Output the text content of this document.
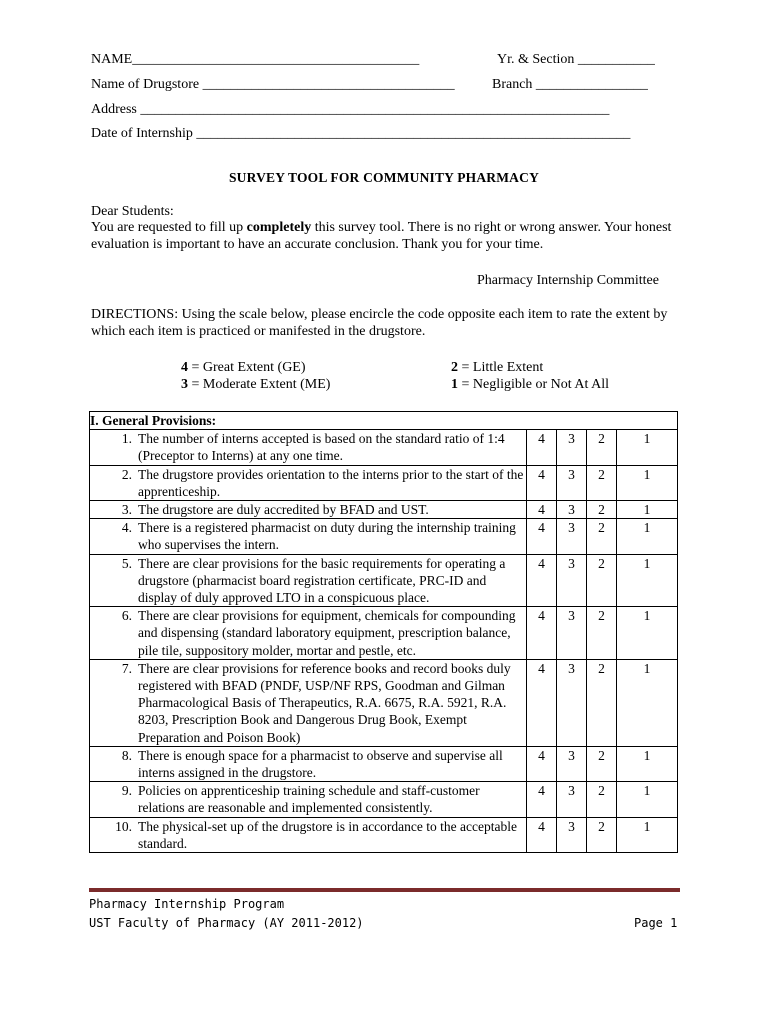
NAME_________________________________________	Yr. & Section ___________
Name of Drugstore ____________________________________	Branch ________________
Address ___________________________________________________________________
Date of Internship ______________________________________________________________
SURVEY TOOL FOR COMMUNITY PHARMACY
Dear Students:
You are requested to fill up completely this survey tool. There is no right or wrong answer. Your honest evaluation is important to have an accurate conclusion. Thank you for your time.
Pharmacy Internship Committee
DIRECTIONS: Using the scale below, please encircle the code opposite each item to rate the extent by which each item is practiced or manifested in the drugstore.
4 = Great Extent (GE)
3 = Moderate Extent (ME)
2 = Little Extent
1 = Negligible or Not At All
I. General Provisions:				

1. The number of interns accepted is based on the standard ratio of 1:4 (Preceptor to Interns) at any one time.	4	3	2	1

2. The drugstore provides orientation to the interns prior to the start of the apprenticeship.	4	3	2	1

3. The drugstore are duly accredited by BFAD and UST.	4	3	2	1

4. There is a registered pharmacist on duty during the internship training who supervises the intern.	4	3	2	1

5. There are clear provisions for the basic requirements for operating a drugstore (pharmacist board registration certificate, PRC-ID and display of duly approved LTO in a conspicuous place.	4	3	2	1

6. There are clear provisions for equipment, chemicals for compounding and dispensing (standard laboratory equipment, prescription balance, pile tile, suppository molder, mortar and pestle, etc.	4	3	2	1

7. There are clear provisions for reference books and record books duly registered with BFAD (PNDF, USP/NF RPS, Goodman and Gilman Pharmacological Basis of Therapeutics, R.A. 6675, R.A. 5921, R.A. 8203, Prescription Book and Dangerous Drug Book, Exempt Preparation and Poison Book)	4	3	2	1

8. There is enough space for a pharmacist to observe and supervise all interns assigned in the drugstore.	4	3	2	1

9. Policies on apprenticeship training schedule and staff-customer relations are reasonable and implemented consistently.	4	3	2	1

10. The physical-set up of the drugstore is in accordance to the acceptable standard.	4	3	2	1
Pharmacy Internship Program
UST Faculty of Pharmacy (AY 2011-2012)	Page 1
